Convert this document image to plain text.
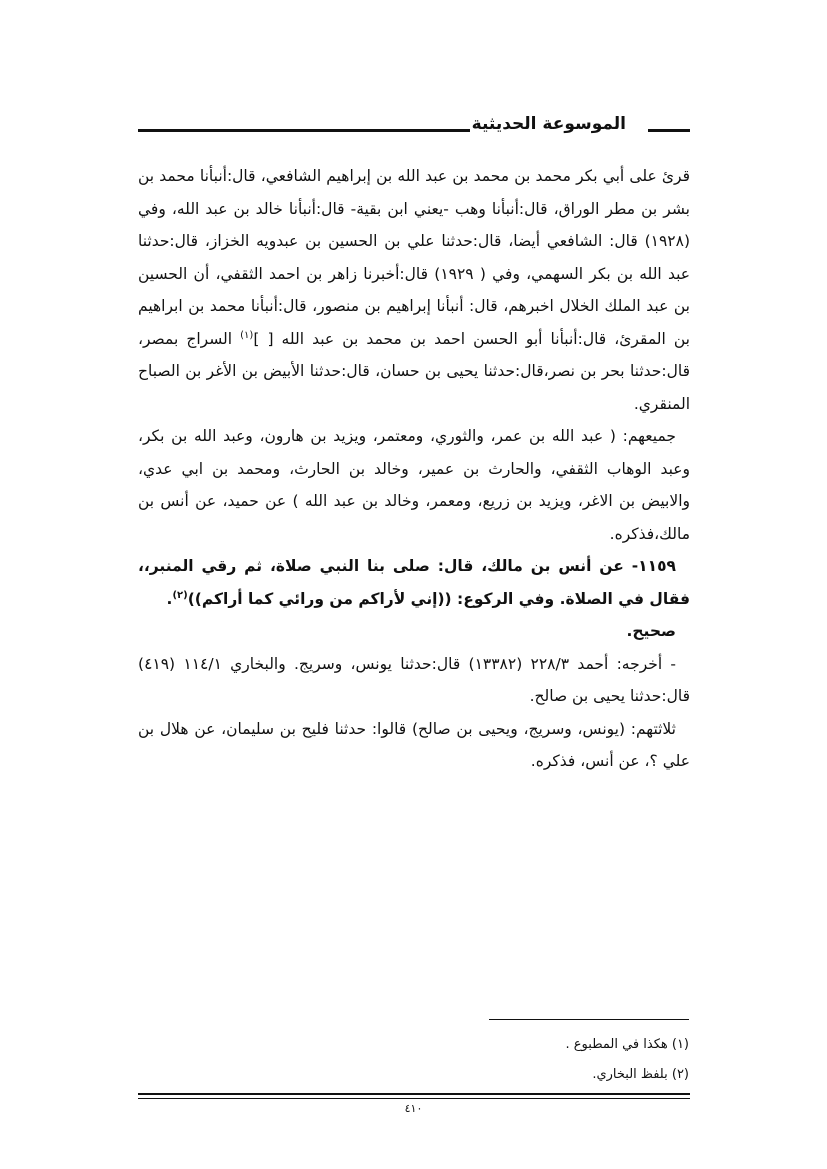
الموسوعة الحديثية

قرئ على أبي بكر محمد بن محمد بن عبد الله بن إبراهيم الشافعي، قال:أنبأنا محمد بن بشر بن مطر الوراق، قال:أنبأنا وهب -يعني ابن بقية- قال:أنبأنا خالد بن عبد الله، وفي (١٩٢٨) قال: الشافعي أيضا، قال:حدثنا علي بن الحسين بن عبدويه الخزاز، قال:حدثنا عبد الله بن بكر السهمي، وفي ( ١٩٢٩) قال:أخبرنا زاهر بن احمد الثقفي، أن الحسين بن عبد الملك الخلال اخبرهم، قال: أنبأنا إبراهيم بن منصور، قال:أنبأنا محمد بن ابراهيم بن المقرئ، قال:أنبأنا أبو الحسن احمد بن محمد بن عبد الله [ ]$^{(١)}$ السراج بمصر، قال:حدثنا بحر بن نصر،قال:حدثنا يحيى بن حسان، قال:حدثنا الأبيض بن الأغر بن الصباح المنقري.

جميعهم: ( عبد الله بن عمر، والثوري، ومعتمر، ويزيد بن هارون، وعبد الله بن بكر، وعبد الوهاب الثقفي، والحارث بن عمير، وخالد بن الحارث، ومحمد بن ابي عدي، والابيض بن الاغر، ويزيد بن زريع، ومعمر، وخالد بن عبد الله ) عن حميد، عن أنس بن مالك،فذكره.

١١٥٩- عن أنس بن مالك، قال: صلى بنا النبي صلاة، ثم رقي المنبر،، فقال في الصلاة. وفي الركوع: ((إني لأراكم من ورائي كما أراكم))$^{(٢)}$.

صحيح.

- أخرجه: أحمد ٢٢٨/٣ (١٣٣٨٢) قال:حدثنا يونس، وسريج. والبخاري ١١٤/١ (٤١٩) قال:حدثنا يحيى بن صالح.

ثلاثتهم: (يونس، وسريج، ويحيى بن صالح) قالوا: حدثنا فليح بن سليمان، عن هلال بن علي ؟، عن أنس، فذكره.

(١) هكذا في المطبوع .
(٢) بلفظ البخاري.
٤١٠
